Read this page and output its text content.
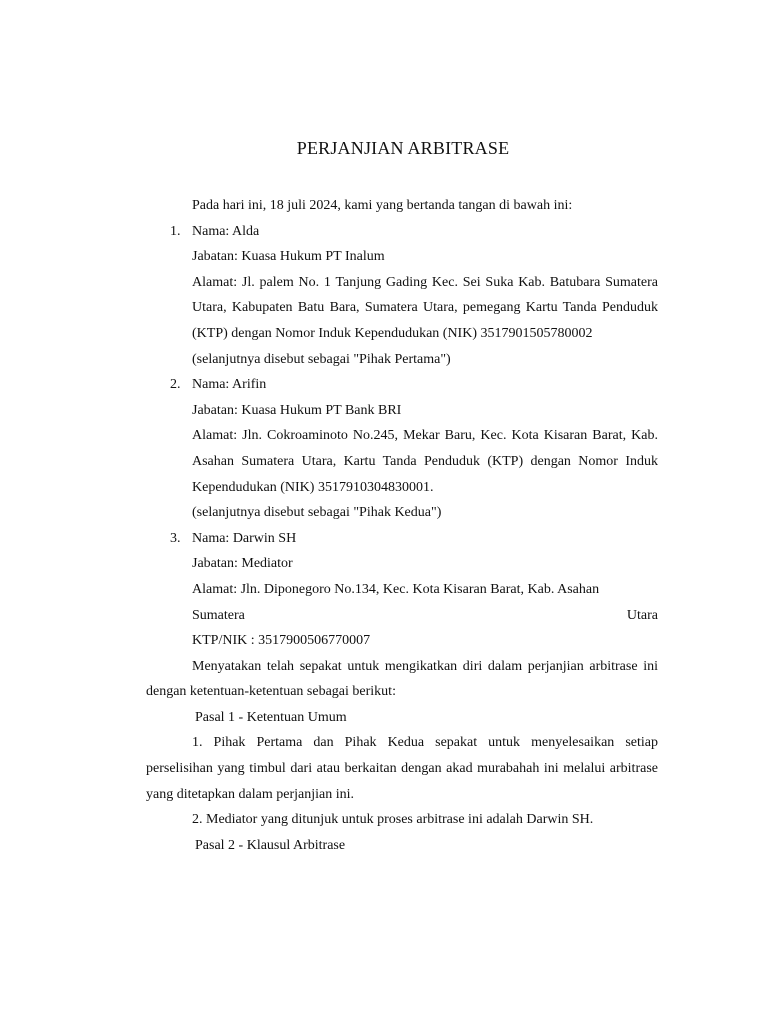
PERJANJIAN ARBITRASE

Pada hari ini, 18 juli 2024, kami yang bertanda tangan di bawah ini:

1. Nama: Alda

Jabatan: Kuasa Hukum PT Inalum

Alamat: Jl. palem No. 1 Tanjung Gading Kec. Sei Suka Kab. Batubara Sumatera Utara, Kabupaten Batu Bara, Sumatera Utara, pemegang Kartu Tanda Penduduk (KTP) dengan Nomor Induk Kependudukan (NIK) 3517901505780002

(selanjutnya disebut sebagai "Pihak Pertama")

2. Nama: Arifin

Jabatan: Kuasa Hukum PT Bank BRI

Alamat: Jln. Cokroaminoto No.245, Mekar Baru, Kec. Kota Kisaran Barat, Kab. Asahan Sumatera Utara, Kartu Tanda Penduduk (KTP) dengan Nomor Induk Kependudukan (NIK) 3517910304830001.

(selanjutnya disebut sebagai "Pihak Kedua")

3. Nama: Darwin SH

Jabatan: Mediator

Alamat: Jln. Diponegoro No.134, Kec. Kota Kisaran Barat, Kab. Asahan

Sumatera	Utara

KTP/NIK : 3517900506770007

Menyatakan telah sepakat untuk mengikatkan diri dalam perjanjian arbitrase ini dengan ketentuan-ketentuan sebagai berikut:

Pasal 1 - Ketentuan Umum

1. Pihak Pertama dan Pihak Kedua sepakat untuk menyelesaikan setiap perselisihan yang timbul dari atau berkaitan dengan akad murabahah ini melalui arbitrase yang ditetapkan dalam perjanjian ini.

2. Mediator yang ditunjuk untuk proses arbitrase ini adalah Darwin SH.

Pasal 2 - Klausul Arbitrase
